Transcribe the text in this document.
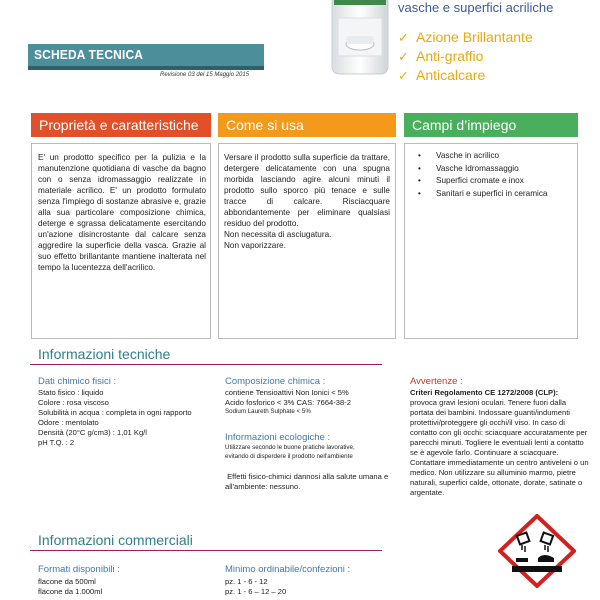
vasche e superfici acriliche
✓ Azione Brillantante
✓ Anti-graffio
✓ Anticalcare
SCHEDA TECNICA
Revisione 03 del 15 Maggio 2015
Proprietà e caratteristiche Come si usa	Campi d’impiego
E' un prodotto specifico per la pulizia e la manutenzione quotidiana di vasche da bagno con o senza idromassaggio realizzate in materiale acrilico. E' un prodotto formulato senza l'impiego di sostanze abrasive e, grazie alla sua particolare composizione chimica, deterge e sgrassa delicatamente esercitando un'azione disincrostante dal calcare senza aggredire la superficie della vasca. Grazie al suo effetto brillantante mantiene inalterata nel tempo la lucentezza dell'acrilico.
Versare il prodotto sulla superficie da trattare, detergere delicatamente con una spugna morbida lasciando agire alcuni minuti il prodotto sullo sporco più tenace e sulle tracce di calcare. Risciacquare abbondantemente per eliminare qualsiasi residuo del prodotto.
Non necessita di asciugatura.
Non vaporizzare.
• Vasche in acrilico
• Vasche Idromassaggio
• Superfici cromate e inox
• Sanitari e superfici in ceramica
Informazioni tecniche
Dati chimico fisici :
Stato fisico : liquido
Colore : rosa viscoso
Solubilità in acqua : completa in ogni rapporto
Odore : mentolato
Densità (20°C g/cm3) : 1,01 Kg/l
pH T.Q. : 2
Composizione chimica :
contiene Tensioattivi Non Ionici < 5%
Acido fosforico < 3% CAS: 7664-38-2
Sodium Laureth Sulphate < 5%
Informazioni ecologiche :
Utilizzare secondo le buone pratiche lavorative,
evitando di disperdere il prodotto nell'ambiente
Effetti fisico-chimici dannosi alla salute umana e
all'ambiente: nessuno.
Avvertenze :
Criteri Regolamento CE 1272/2008 (CLP):
provoca gravi lesioni oculari. Tenere fuori dalla portata dei bambini. Indossare guanti/indumenti protettivi/proteggere gli occhi/il viso. In caso di contatto con gli occhi: sciacquare accuratamente per parecchi minuti. Togliere le eventuali lenti a contatto se è agevole farlo. Continuare a sciacquare. Contattare immediatamente un centro antiveleni o un medico. Non utilizzare su alluminio marmo, pietre naturali, superfici calde, ottonate, dorate, satinate o argentate.
Informazioni commerciali
Formati disponibili :
flacone da 500ml
flacone da 1.000ml
Minimo ordinabile/confezioni :
pz. 1 - 6 - 12
pz. 1 - 6 – 12 – 20
